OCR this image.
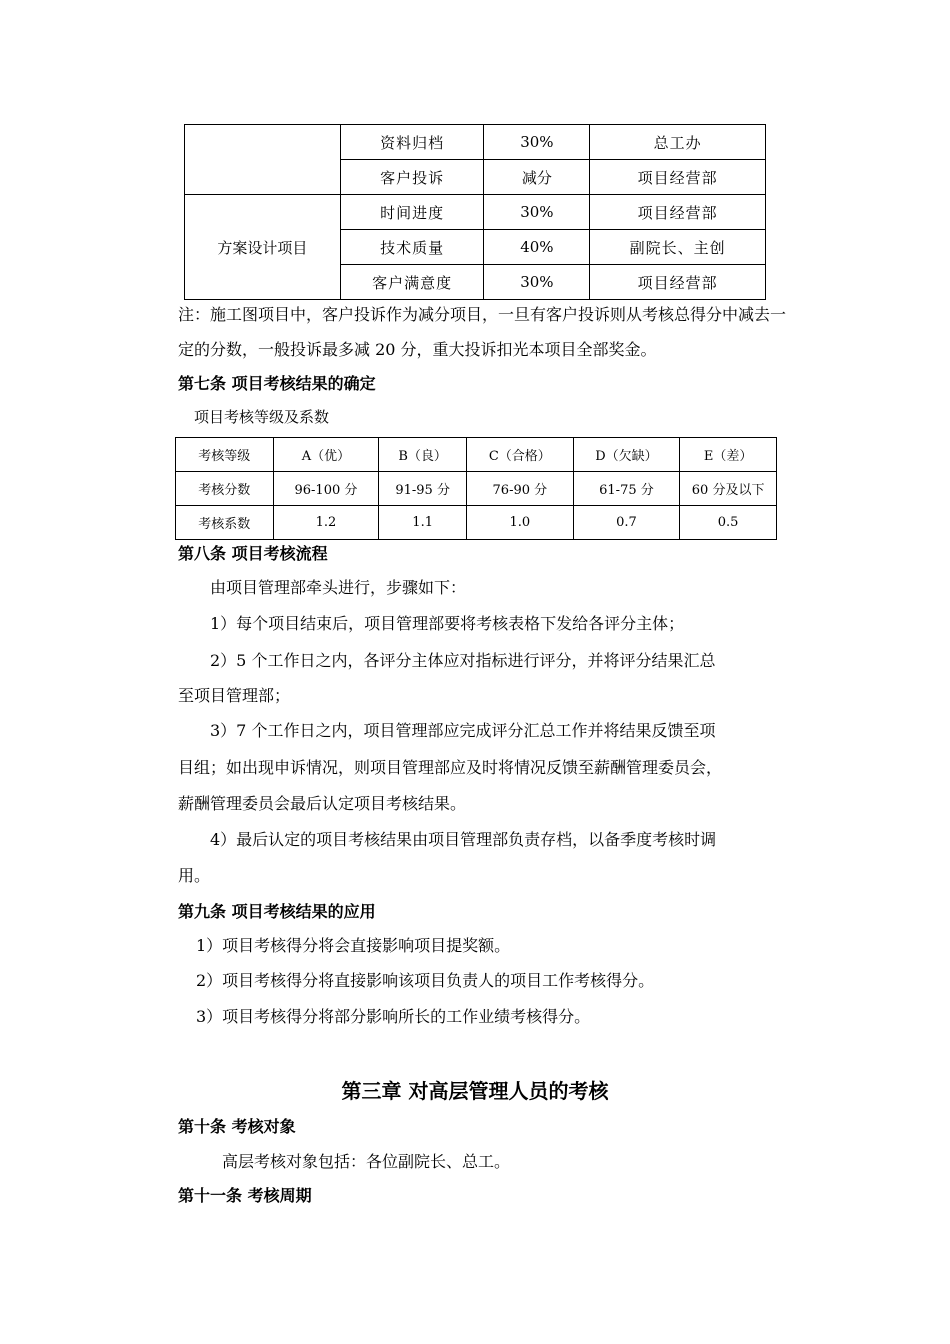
	资料归档	30%	总工办
	客户投诉	减分	项目经营部
方案设计项目	时间进度	30%	项目经营部
	技术质量	40%	副院长、主创
	客户满意度	30%	项目经营部
注：施工图项目中，客户投诉作为减分项目，一旦有客户投诉则从考核总得分中减去一
定的分数，一般投诉最多减 20 分，重大投诉扣光本项目全部奖金。
第七条 项目考核结果的确定
项目考核等级及系数
考核等级	A（优）	B（良）	C（合格）	D（欠缺）	E（差）
考核分数	96-100 分	91-95 分	76-90 分	61-75 分	60 分及以下
考核系数	1.2	1.1	1.0	0.7	0.5
第八条 项目考核流程
由项目管理部牵头进行，步骤如下：
1）每个项目结束后，项目管理部要将考核表格下发给各评分主体；
2）5 个工作日之内，各评分主体应对指标进行评分，并将评分结果汇总
至项目管理部；
3）7 个工作日之内，项目管理部应完成评分汇总工作并将结果反馈至项
目组；如出现申诉情况，则项目管理部应及时将情况反馈至薪酬管理委员会，
薪酬管理委员会最后认定项目考核结果。
4）最后认定的项目考核结果由项目管理部负责存档，以备季度考核时调
用。
第九条 项目考核结果的应用
1）项目考核得分将会直接影响项目提奖额。
2）项目考核得分将直接影响该项目负责人的项目工作考核得分。
3）项目考核得分将部分影响所长的工作业绩考核得分。
第三章 对高层管理人员的考核
第十条 考核对象
高层考核对象包括：各位副院长、总工。
第十一条 考核周期
